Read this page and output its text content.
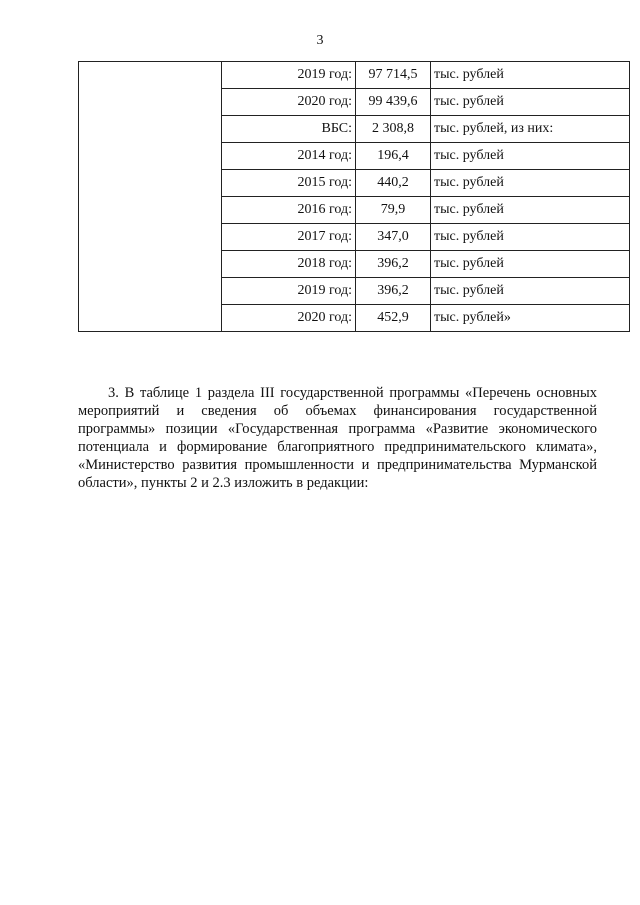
3
	2019 год:	97 714,5	тыс. рублей
	2020 год:	99 439,6	тыс. рублей
	ВБС:	2 308,8	тыс. рублей, из них:
	2014 год:	196,4	тыс. рублей
	2015 год:	440,2	тыс. рублей
	2016 год:	79,9	тыс. рублей
	2017 год:	347,0	тыс. рублей
	2018 год:	396,2	тыс. рублей
	2019 год:	396,2	тыс. рублей
	2020 год:	452,9	тыс. рублей»

3. В таблице 1 раздела III государственной программы «Перечень основных мероприятий и сведения об объемах финансирования государственной программы» позиции «Государственная программа «Развитие экономического потенциала и формирование благоприятного предпринимательского климата», «Министерство развития промышленности и предпринимательства Мурманской области», пункты 2 и 2.3 изложить в редакции:
